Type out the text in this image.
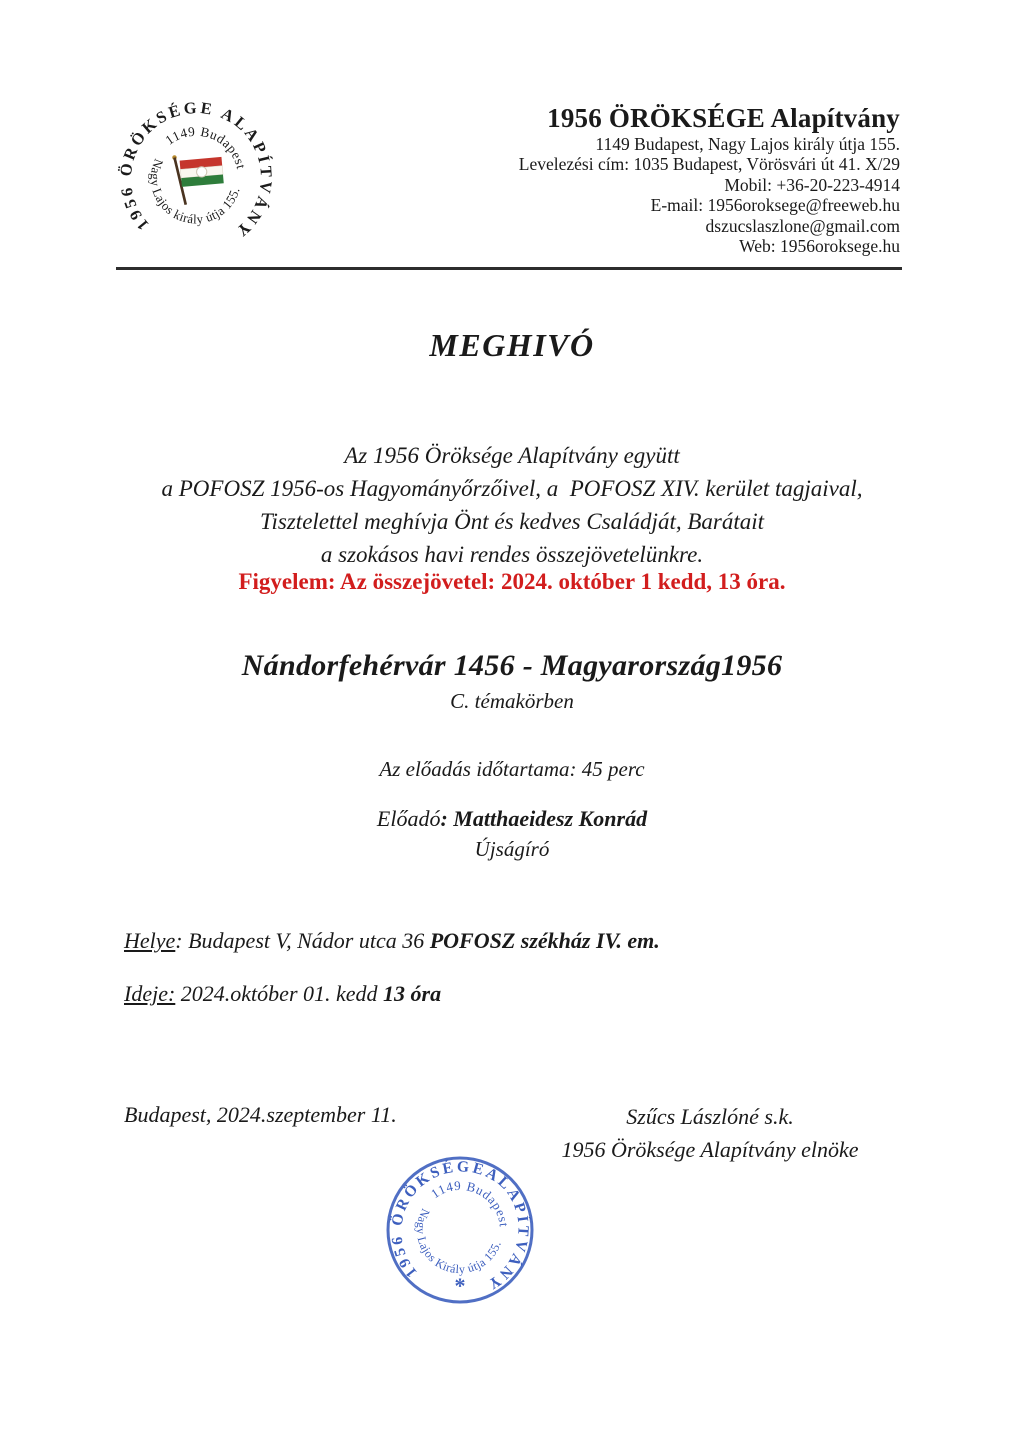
1956 ÖRÖKSÉGE ALAPÍTVÁNY
1149 Budapest
Nagy Lajos király útja 155.
1956 ÖRÖKSÉGE Alapítvány
1149 Budapest, Nagy Lajos király útja 155.
Levelezési cím: 1035 Budapest, Vörösvári út 41. X/29
Mobil: +36-20-223-4914
E-mail: 1956oroksege@freeweb.hu
dszucslaszlone@gmail.com
Web: 1956oroksege.hu
MEGHIVÓ
Az 1956 Öröksége Alapítvány együtt
a POFOSZ 1956-os Hagyományőrzőivel, a  POFOSZ XIV. kerület tagjaival,
Tisztelettel meghívja Önt és kedves Családját, Barátait
a szokásos havi rendes összejövetelünkre.
Figyelem: Az összejövetel: 2024. október 1 kedd, 13 óra.
Nándorfehérvár 1456 - Magyarország1956
C. témakörben
Az előadás időtartama: 45 perc
Előadó: Matthaeidesz Konrád
Újságíró
Helye: Budapest V, Nádor utca 36 POFOSZ székház IV. em.
Ideje: 2024.október 01. kedd 13 óra
Budapest, 2024.szeptember 11.	Szűcs Lászlóné s.k.
1956 Öröksége Alapítvány elnöke
1956 ÖRÖKSÉGEALAPÍTVÁNY
1149 Budapest
Nagy Lajos Király útja 155.
*
